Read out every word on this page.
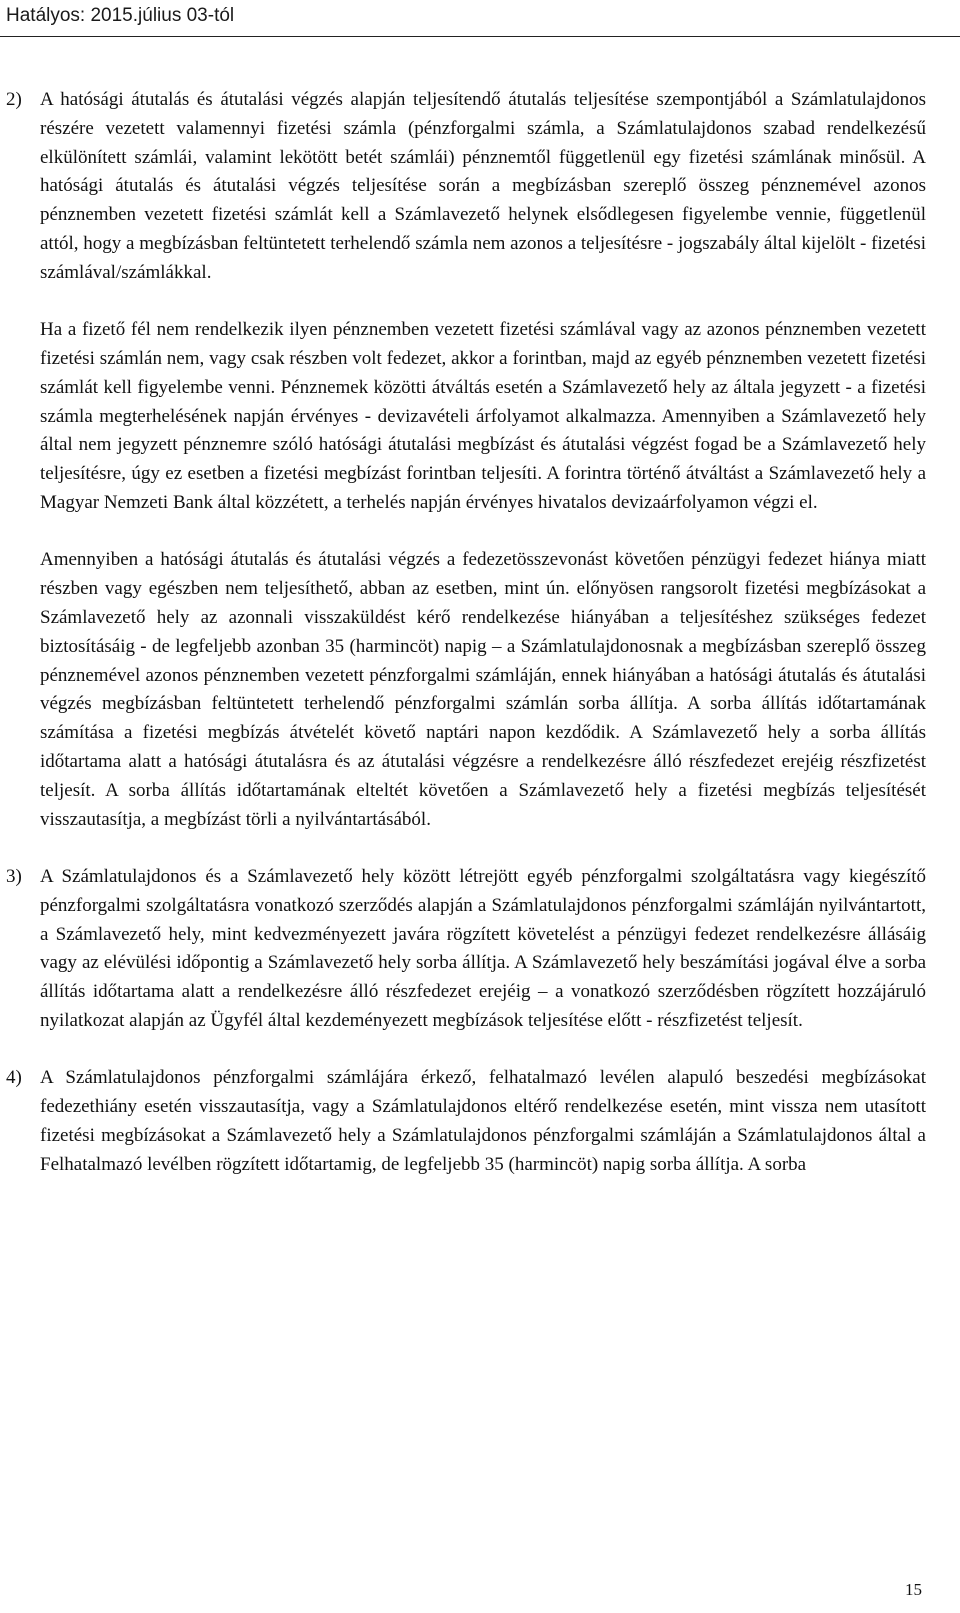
Hatályos: 2015.július 03-tól
2) A hatósági átutalás és átutalási végzés alapján teljesítendő átutalás teljesítése szempontjából a Számlatulajdonos részére vezetett valamennyi fizetési számla (pénzforgalmi számla, a Számlatulajdonos szabad rendelkezésű elkülönített számlái, valamint lekötött betét számlái) pénznemtől függetlenül egy fizetési számlának minősül. A hatósági átutalás és átutalási végzés teljesítése során a megbízásban szereplő összeg pénznemével azonos pénznemben vezetett fizetési számlát kell a Számlavezető helynek elsődlegesen figyelembe vennie, függetlenül attól, hogy a megbízásban feltüntetett terhelendő számla nem azonos a teljesítésre - jogszabály által kijelölt - fizetési számlával/számlákkal.

Ha a fizető fél nem rendelkezik ilyen pénznemben vezetett fizetési számlával vagy az azonos pénznemben vezetett fizetési számlán nem, vagy csak részben volt fedezet, akkor a forintban, majd az egyéb pénznemben vezetett fizetési számlát kell figyelembe venni. Pénznemek közötti átváltás esetén a Számlavezető hely az általa jegyzett - a fizetési számla megterhelésének napján érvényes - devizavételi árfolyamot alkalmazza. Amennyiben a Számlavezető hely által nem jegyzett pénznemre szóló hatósági átutalási megbízást és átutalási végzést fogad be a Számlavezető hely teljesítésre, úgy ez esetben a fizetési megbízást forintban teljesíti. A forintra történő átváltást a Számlavezető hely a Magyar Nemzeti Bank által közzétett, a terhelés napján érvényes hivatalos devizaárfolyamon végzi el.

Amennyiben a hatósági átutalás és átutalási végzés a fedezetösszevonást követően pénzügyi fedezet hiánya miatt részben vagy egészben nem teljesíthető, abban az esetben, mint ún. előnyösen rangsorolt fizetési megbízásokat a Számlavezető hely az azonnali visszaküldést kérő rendelkezése hiányában a teljesítéshez szükséges fedezet biztosításáig - de legfeljebb azonban 35 (harmincöt) napig – a Számlatulajdonosnak a megbízásban szereplő összeg pénznemével azonos pénznemben vezetett pénzforgalmi számláján, ennek hiányában a hatósági átutalás és átutalási végzés megbízásban feltüntetett terhelendő pénzforgalmi számlán sorba állítja. A sorba állítás időtartamának számítása a fizetési megbízás átvételét követő naptári napon kezdődik. A Számlavezető hely a sorba állítás időtartama alatt a hatósági átutalásra és az átutalási végzésre a rendelkezésre álló részfedezet erejéig részfizetést teljesít. A sorba állítás időtartamának elteltét követően a Számlavezető hely a fizetési megbízás teljesítését visszautasítja, a megbízást törli a nyilvántartásából.

3) A Számlatulajdonos és a Számlavezető hely között létrejött egyéb pénzforgalmi szolgáltatásra vagy kiegészítő pénzforgalmi szolgáltatásra vonatkozó szerződés alapján a Számlatulajdonos pénzforgalmi számláján nyilvántartott, a Számlavezető hely, mint kedvezményezett javára rögzített követelést a pénzügyi fedezet rendelkezésre állásáig vagy az elévülési időpontig a Számlavezető hely sorba állítja. A Számlavezető hely beszámítási jogával élve a sorba állítás időtartama alatt a rendelkezésre álló részfedezet erejéig – a vonatkozó szerződésben rögzített hozzájáruló nyilatkozat alapján az Ügyfél által kezdeményezett megbízások teljesítése előtt - részfizetést teljesít.

4) A Számlatulajdonos pénzforgalmi számlájára érkező, felhatalmazó levélen alapuló beszedési megbízásokat fedezethiány esetén visszautasítja, vagy a Számlatulajdonos eltérő rendelkezése esetén, mint vissza nem utasított fizetési megbízásokat a Számlavezető hely a Számlatulajdonos pénzforgalmi számláján a Számlatulajdonos által a Felhatalmazó levélben rögzített időtartamig, de legfeljebb 35 (harmincöt) napig sorba állítja. A sorba

15
